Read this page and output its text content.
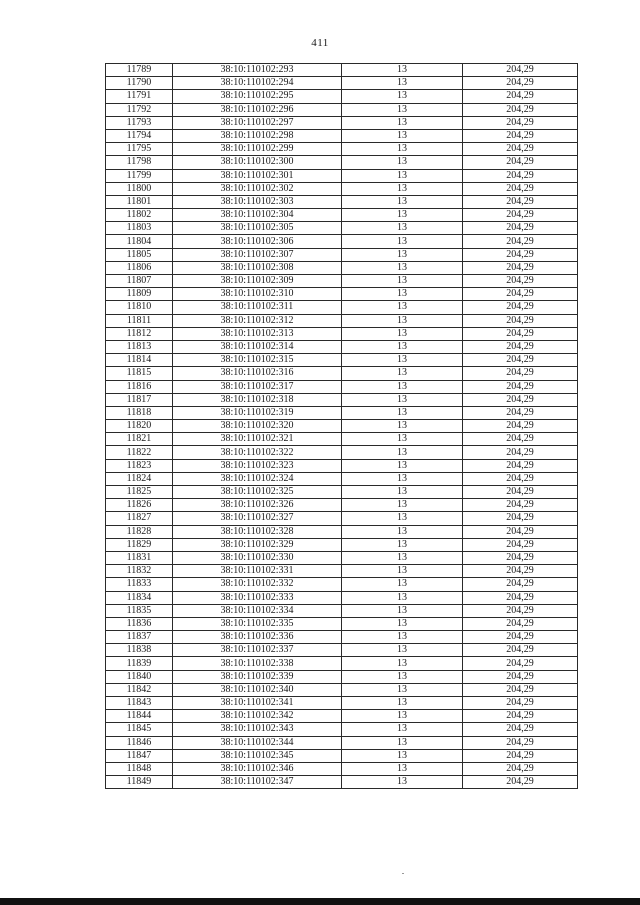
411
11789	38:10:110102:293	13	204,29
11790	38:10:110102:294	13	204,29
11791	38:10:110102:295	13	204,29
11792	38:10:110102:296	13	204,29
11793	38:10:110102:297	13	204,29
11794	38:10:110102:298	13	204,29
11795	38:10:110102:299	13	204,29
11798	38:10:110102:300	13	204,29
11799	38:10:110102:301	13	204,29
11800	38:10:110102:302	13	204,29
11801	38:10:110102:303	13	204,29
11802	38:10:110102:304	13	204,29
11803	38:10:110102:305	13	204,29
11804	38:10:110102:306	13	204,29
11805	38:10:110102:307	13	204,29
11806	38:10:110102:308	13	204,29
11807	38:10:110102:309	13	204,29
11809	38:10:110102:310	13	204,29
11810	38:10:110102:311	13	204,29
11811	38:10:110102:312	13	204,29
11812	38:10:110102:313	13	204,29
11813	38:10:110102:314	13	204,29
11814	38:10:110102:315	13	204,29
11815	38:10:110102:316	13	204,29
11816	38:10:110102:317	13	204,29
11817	38:10:110102:318	13	204,29
11818	38:10:110102:319	13	204,29
11820	38:10:110102:320	13	204,29
11821	38:10:110102:321	13	204,29
11822	38:10:110102:322	13	204,29
11823	38:10:110102:323	13	204,29
11824	38:10:110102:324	13	204,29
11825	38:10:110102:325	13	204,29
11826	38:10:110102:326	13	204,29
11827	38:10:110102:327	13	204,29
11828	38:10:110102:328	13	204,29
11829	38:10:110102:329	13	204,29
11831	38:10:110102:330	13	204,29
11832	38:10:110102:331	13	204,29
11833	38:10:110102:332	13	204,29
11834	38:10:110102:333	13	204,29
11835	38:10:110102:334	13	204,29
11836	38:10:110102:335	13	204,29
11837	38:10:110102:336	13	204,29
11838	38:10:110102:337	13	204,29
11839	38:10:110102:338	13	204,29
11840	38:10:110102:339	13	204,29
11842	38:10:110102:340	13	204,29
11843	38:10:110102:341	13	204,29
11844	38:10:110102:342	13	204,29
11845	38:10:110102:343	13	204,29
11846	38:10:110102:344	13	204,29
11847	38:10:110102:345	13	204,29
11848	38:10:110102:346	13	204,29
11849	38:10:110102:347	13	204,29
